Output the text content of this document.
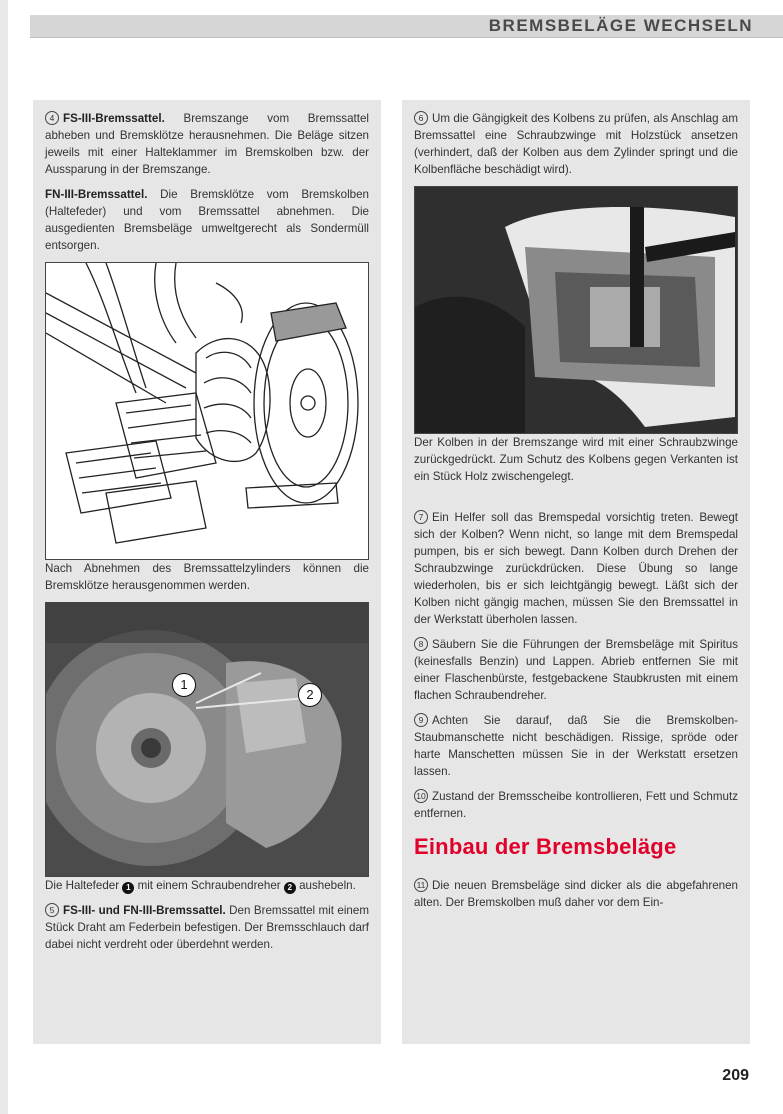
BREMSBELÄGE WECHSELN

4 FS-III-Bremssattel. Bremszange vom Bremssattel abheben und Bremsklötze herausnehmen. Die Beläge sitzen jeweils mit einer Halteklammer im Bremskolben bzw. der Aussparung in der Bremszange.

FN-III-Bremssattel. Die Bremsklötze vom Bremskolben (Haltefeder) und vom Bremssattel abnehmen. Die ausgedienten Bremsbeläge umweltgerecht als Sondermüll entsorgen.

Nach Abnehmen des Bremssattelzylinders können die Bremsklötze herausgenommen werden.

1
2

Die Haltefeder 1 mit einem Schraubendreher 2 aushebeln.

5 FS-III- und FN-III-Bremssattel. Den Bremssattel mit einem Stück Draht am Federbein befestigen. Der Bremsschlauch darf dabei nicht verdreht oder überdehnt werden.

6 Um die Gängigkeit des Kolbens zu prüfen, als Anschlag am Bremssattel eine Schraubzwinge mit Holzstück ansetzen (verhindert, daß der Kolben aus dem Zylinder springt und die Kolbenfläche beschädigt wird).

Der Kolben in der Bremszange wird mit einer Schraubzwinge zurückgedrückt. Zum Schutz des Kolbens gegen Verkanten ist ein Stück Holz zwischengelegt.

7 Ein Helfer soll das Bremspedal vorsichtig treten. Bewegt sich der Kolben? Wenn nicht, so lange mit dem Bremspedal pumpen, bis er sich bewegt. Dann Kolben durch Drehen der Schraubzwinge zurückdrücken. Diese Übung so lange wiederholen, bis er sich leichtgängig bewegt. Läßt sich der Kolben nicht gängig machen, müssen Sie den Bremssattel in der Werkstatt überholen lassen.

8 Säubern Sie die Führungen der Bremsbeläge mit Spiritus (keinesfalls Benzin) und Lappen. Abrieb entfernen Sie mit einer Flaschenbürste, festgebackene Staubkrusten mit einem flachen Schraubendreher.

9 Achten Sie darauf, daß Sie die Bremskolben-Staubmanschette nicht beschädigen. Rissige, spröde oder harte Manschetten müssen Sie in der Werkstatt ersetzen lassen.

10 Zustand der Bremsscheibe kontrollieren, Fett und Schmutz entfernen.

Einbau der Bremsbeläge

11 Die neuen Bremsbeläge sind dicker als die abgefahrenen alten. Der Bremskolben muß daher vor dem Ein-

209
